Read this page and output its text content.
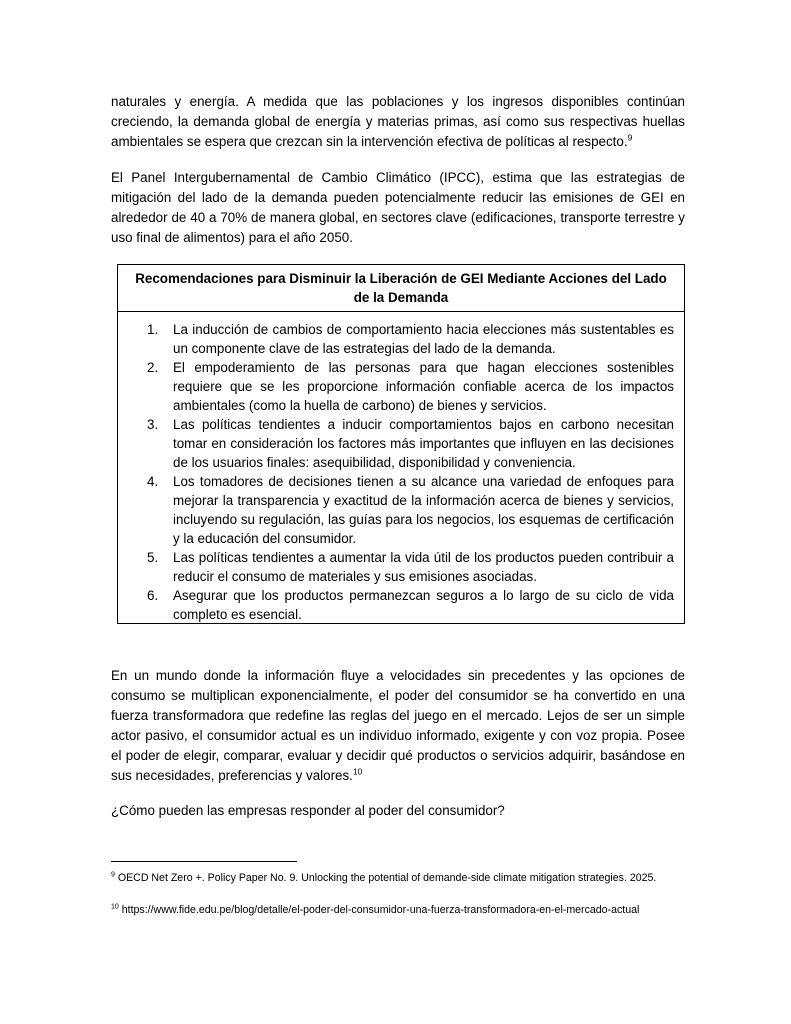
naturales y energía. A medida que las poblaciones y los ingresos disponibles continúan creciendo, la demanda global de energía y materias primas, así como sus respectivas huellas ambientales se espera que crezcan sin la intervención efectiva de políticas al respecto.$^9$

El Panel Intergubernamental de Cambio Climático (IPCC), estima que las estrategias de mitigación del lado de la demanda pueden potencialmente reducir las emisiones de GEI en alrededor de 40 a 70% de manera global, en sectores clave (edificaciones, transporte terrestre y uso final de alimentos) para el año 2050.

Recomendaciones para Disminuir la Liberación de GEI Mediante Acciones del Lado de la Demanda
1. La inducción de cambios de comportamiento hacia elecciones más sustentables es un componente clave de las estrategias del lado de la demanda.
2. El empoderamiento de las personas para que hagan elecciones sostenibles requiere que se les proporcione información confiable acerca de los impactos ambientales (como la huella de carbono) de bienes y servicios.
3. Las políticas tendientes a inducir comportamientos bajos en carbono necesitan tomar en consideración los factores más importantes que influyen en las decisiones de los usuarios finales: asequibilidad, disponibilidad y conveniencia.
4. Los tomadores de decisiones tienen a su alcance una variedad de enfoques para mejorar la transparencia y exactitud de la información acerca de bienes y servicios, incluyendo su regulación, las guías para los negocios, los esquemas de certificación y la educación del consumidor.
5. Las políticas tendientes a aumentar la vida útil de los productos pueden contribuir a reducir el consumo de materiales y sus emisiones asociadas.
6. Asegurar que los productos permanezcan seguros a lo largo de su ciclo de vida completo es esencial.

En un mundo donde la información fluye a velocidades sin precedentes y las opciones de consumo se multiplican exponencialmente, el poder del consumidor se ha convertido en una fuerza transformadora que redefine las reglas del juego en el mercado. Lejos de ser un simple actor pasivo, el consumidor actual es un individuo informado, exigente y con voz propia. Posee el poder de elegir, comparar, evaluar y decidir qué productos o servicios adquirir, basándose en sus necesidades, preferencias y valores.$^{10}$

¿Cómo pueden las empresas responder al poder del consumidor?

$^9$ OECD Net Zero +. Policy Paper No. 9. Unlocking the potential of demande-side climate mitigation strategies. 2025.
$^{10}$ https://www.fide.edu.pe/blog/detalle/el-poder-del-consumidor-una-fuerza-transformadora-en-el-mercado-actual
